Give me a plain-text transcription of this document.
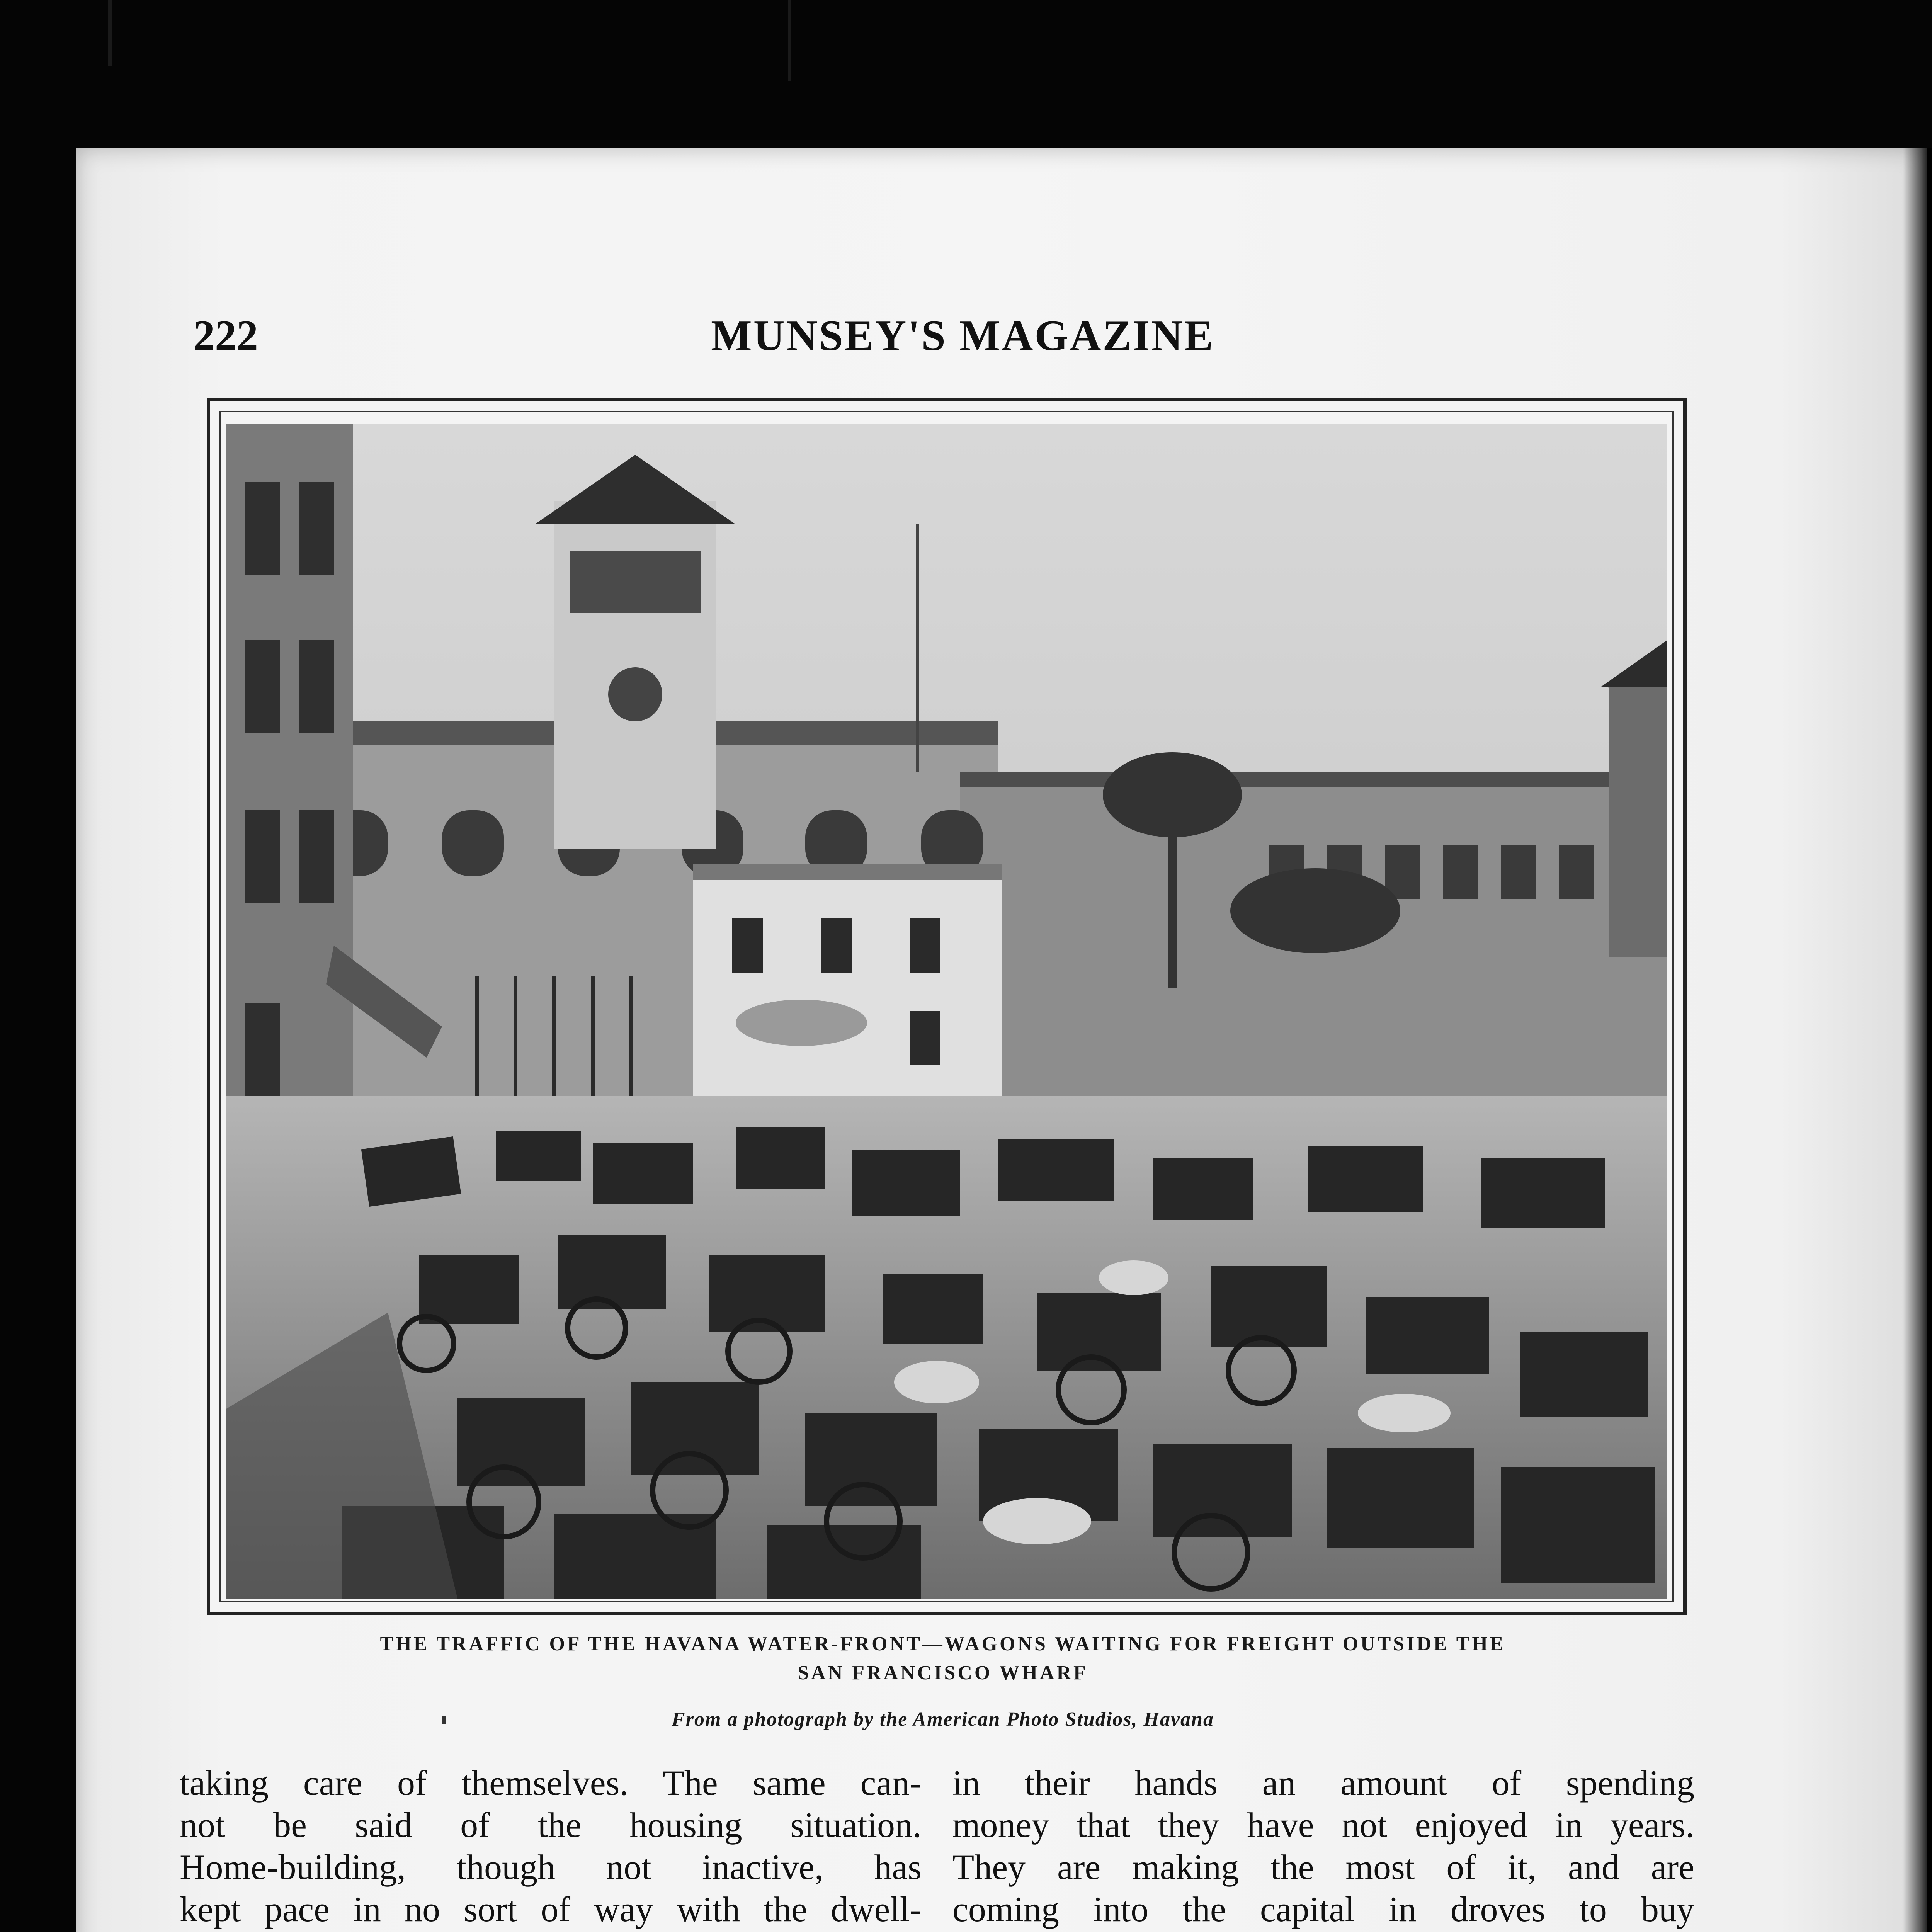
222	MUNSEY'S MAGAZINE
THE TRAFFIC OF THE HAVANA WATER-FRONT—WAGONS WAITING FOR FREIGHT OUTSIDE THE
SAN FRANCISCO WHARF
From a photograph by the American Photo Studios, Havana
taking care of themselves. The same can-
not be said of the housing situation.
Home-building, though not inactive, has
kept pace in no sort of way with the dwell-
in their hands an amount of spending
money that they have not enjoyed in years.
They are making the most of it, and are
coming into the capital in droves to buy
